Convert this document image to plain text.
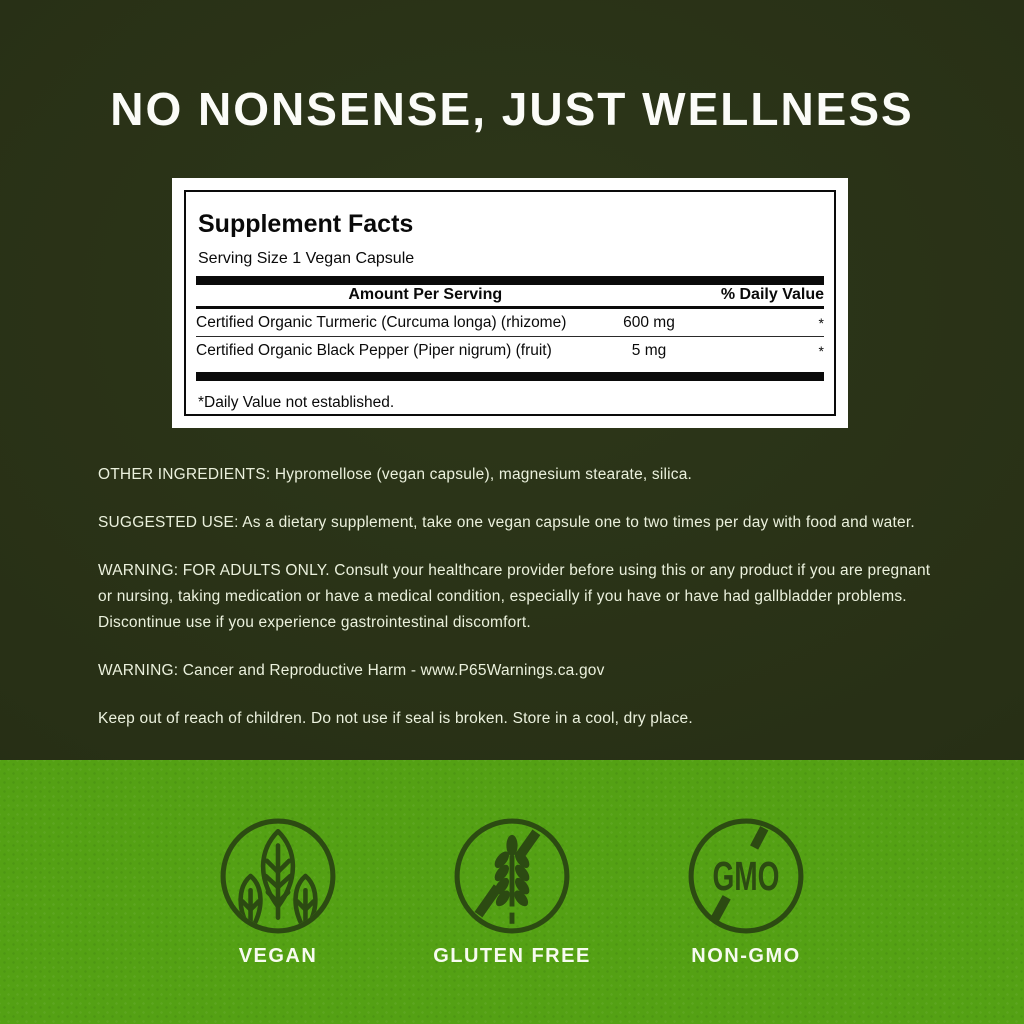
NO NONSENSE, JUST WELLNESS
Supplement Facts
Serving Size 1 Vegan Capsule
Amount Per Serving	% Daily Value
Certified Organic Turmeric (Curcuma longa) (rhizome)	600 mg	*
Certified Organic Black Pepper (Piper nigrum) (fruit)	5 mg	*
*Daily Value not established.

OTHER INGREDIENTS: Hypromellose (vegan capsule), magnesium stearate, silica.

SUGGESTED USE: As a dietary supplement, take one vegan capsule one to two times per day with food and water.

WARNING: FOR ADULTS ONLY. Consult your healthcare provider before using this or any product if you are pregnant or nursing, taking medication or have a medical condition, especially if you have or have had gallbladder problems. Discontinue use if you experience gastrointestinal discomfort.

WARNING: Cancer and Reproductive Harm - www.P65Warnings.ca.gov

Keep out of reach of children. Do not use if seal is broken. Store in a cool, dry place.

VEGAN	GLUTEN FREE
GMO
NON-GMO
